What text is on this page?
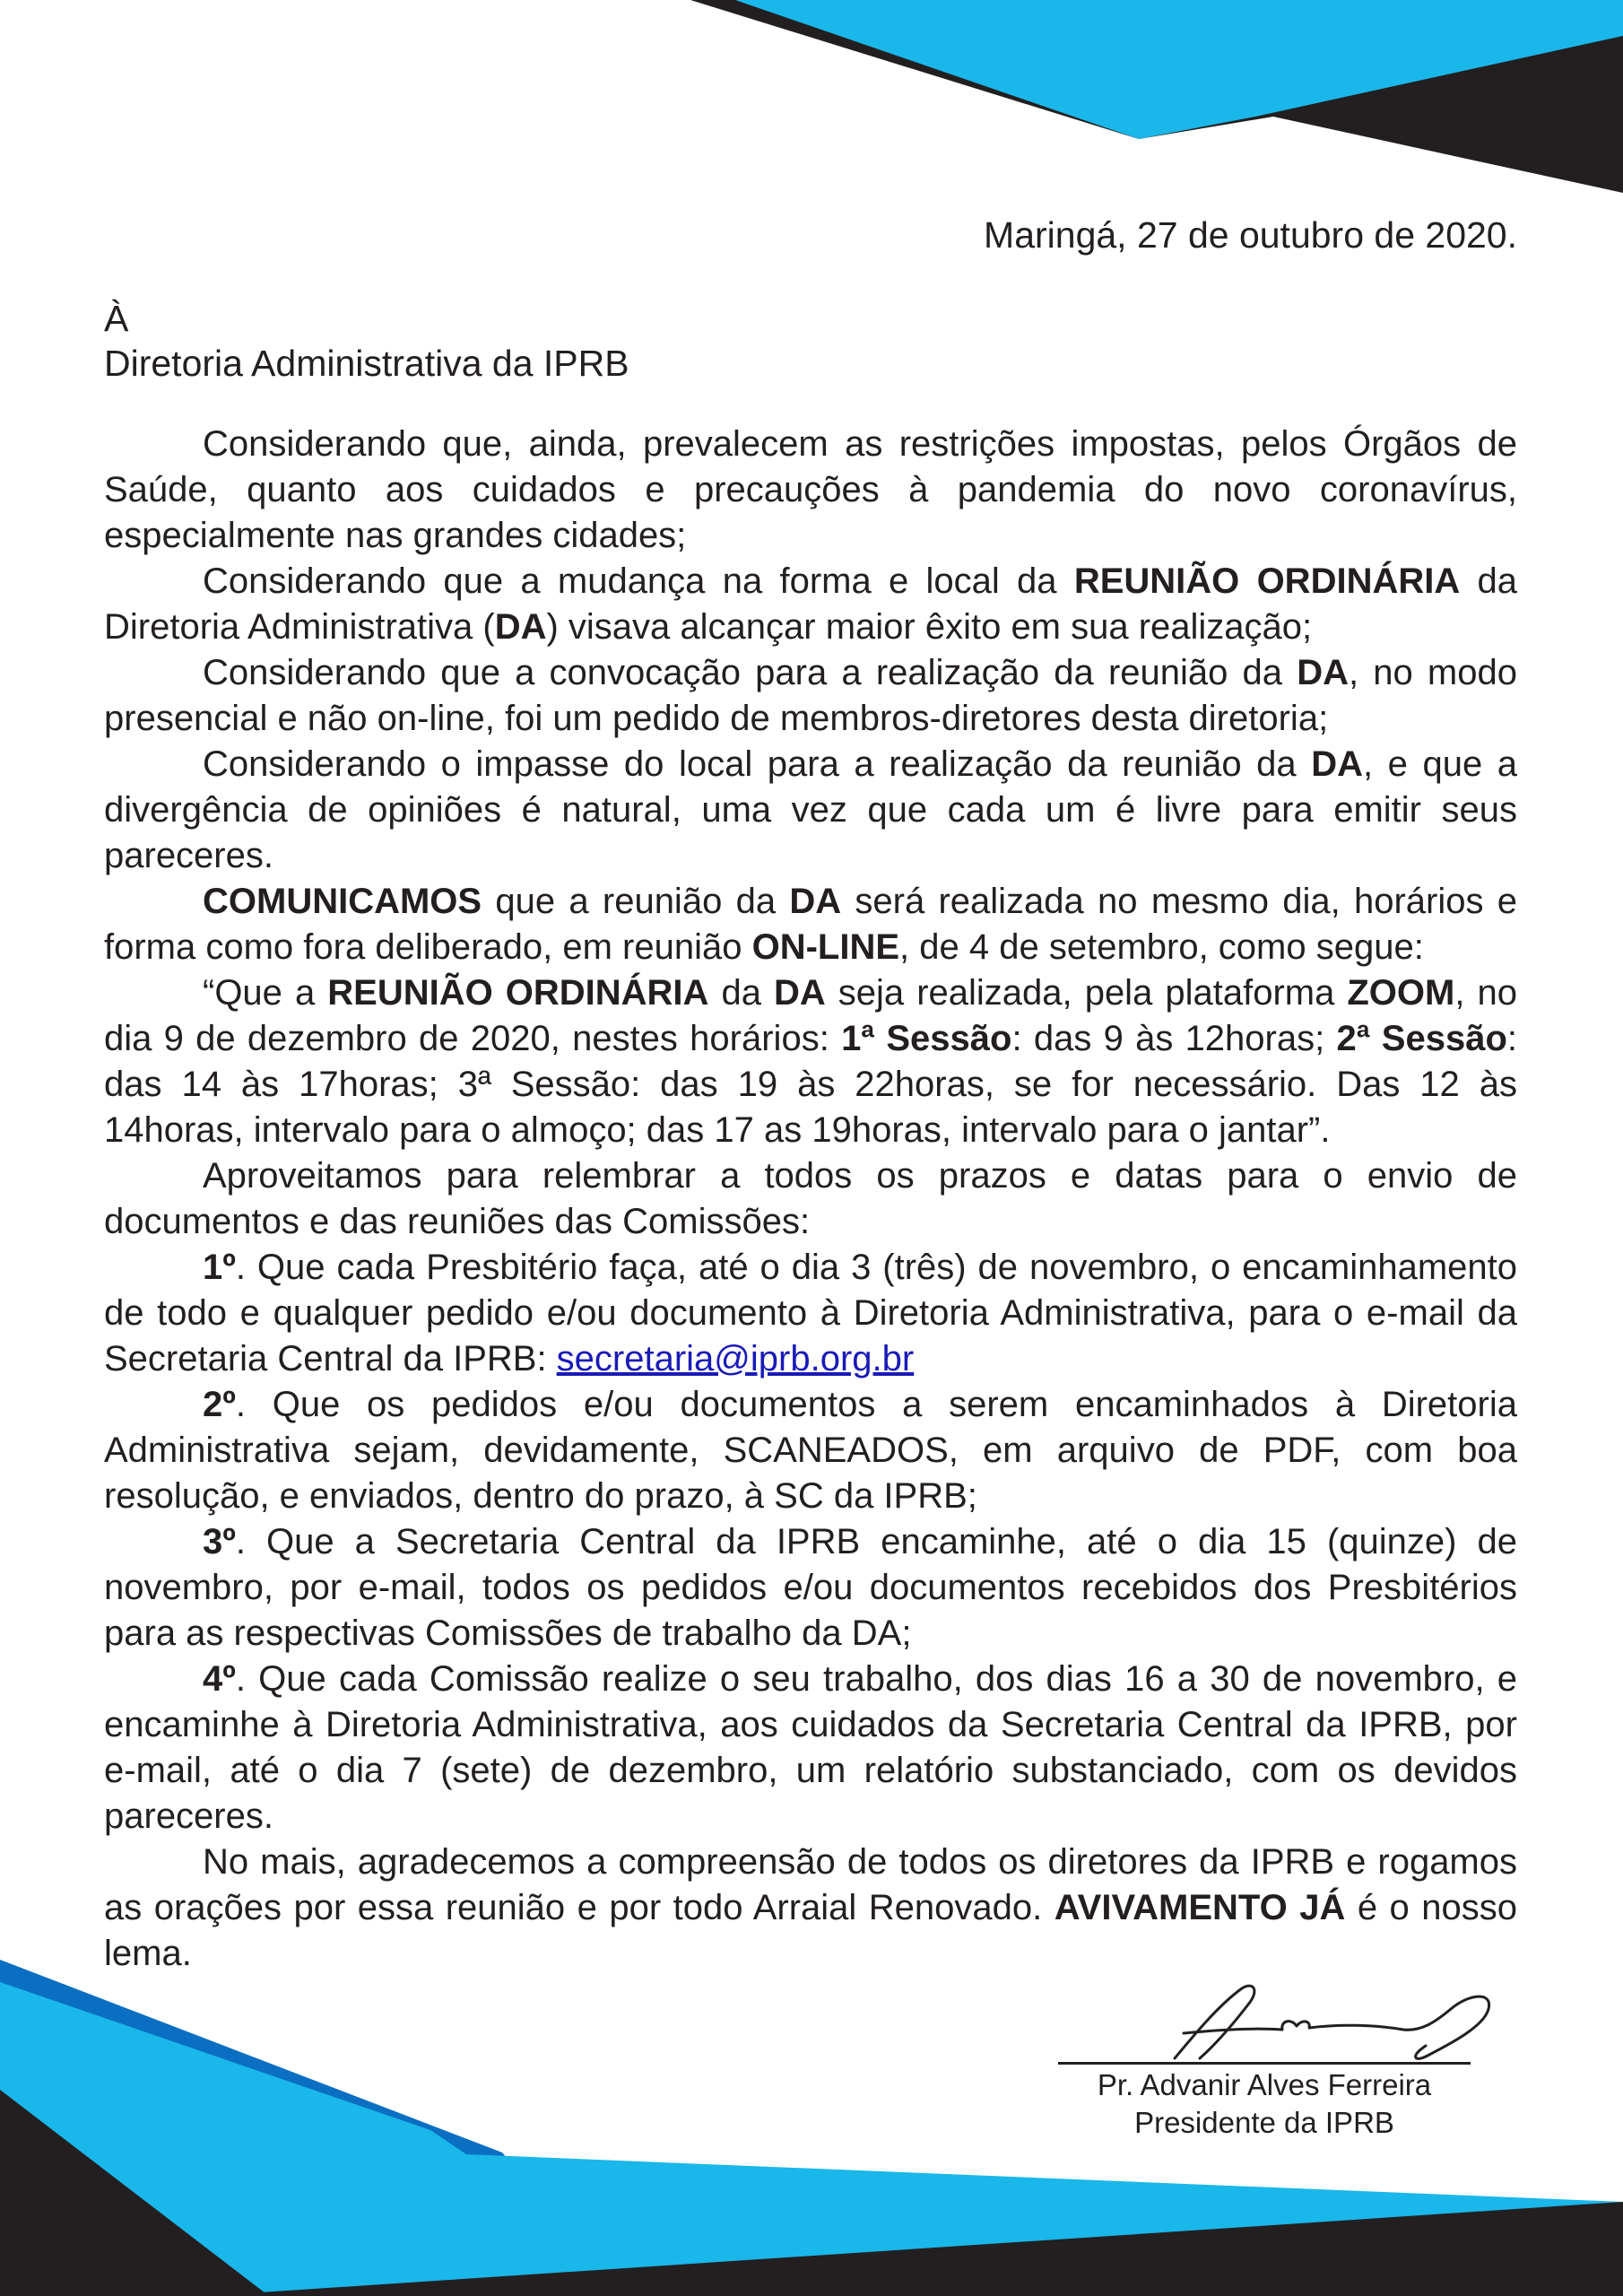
Maringá, 27 de outubro de 2020.
À
Diretoria Administrativa da IPRB

Considerando que, ainda, prevalecem as restrições impostas, pelos Órgãos de Saúde, quanto aos cuidados e precauções à pandemia do novo coronavírus, especialmente nas grandes cidades;

Considerando que a mudança na forma e local da REUNIÃO ORDINÁRIA da Diretoria Administrativa (DA) visava alcançar maior êxito em sua realização;

Considerando que a convocação para a realização da reunião da DA, no modo presencial e não on-line, foi um pedido de membros-diretores desta diretoria;

Considerando o impasse do local para a realização da reunião da DA, e que a divergência de opiniões é natural, uma vez que cada um é livre para emitir seus pareceres.

COMUNICAMOS que a reunião da DA será realizada no mesmo dia, horários e forma como fora deliberado, em reunião ON-LINE, de 4 de setembro, como segue:

“Que a REUNIÃO ORDINÁRIA da DA seja realizada, pela plataforma ZOOM, no dia 9 de dezembro de 2020, nestes horários: 1ª Sessão: das 9 às 12horas; 2ª Sessão: das 14 às 17horas; 3ª Sessão: das 19 às 22horas, se for necessário. Das 12 às 14horas, intervalo para o almoço; das 17 as 19horas, intervalo para o jantar”.

Aproveitamos para relembrar a todos os prazos e datas para o envio de documentos e das reuniões das Comissões:

1º. Que cada Presbitério faça, até o dia 3 (três) de novembro, o encaminhamento de todo e qualquer pedido e/ou documento à Diretoria Administrativa, para o e-mail da Secretaria Central da IPRB: secretaria@iprb.org.br

2º. Que os pedidos e/ou documentos a serem encaminhados à Diretoria Administrativa sejam, devidamente, SCANEADOS, em arquivo de PDF, com boa resolução, e enviados, dentro do prazo, à SC da IPRB;

3º. Que a Secretaria Central da IPRB encaminhe, até o dia 15 (quinze) de novembro, por e-mail, todos os pedidos e/ou documentos recebidos dos Presbitérios para as respectivas Comissões de trabalho da DA;

4º. Que cada Comissão realize o seu trabalho, dos dias 16 a 30 de novembro, e encaminhe à Diretoria Administrativa, aos cuidados da Secretaria Central da IPRB, por e-mail, até o dia 7 (sete) de dezembro, um relatório substanciado, com os devidos pareceres.

No mais, agradecemos a compreensão de todos os diretores da IPRB e rogamos as orações por essa reunião e por todo Arraial Renovado. AVIVAMENTO JÁ é o nosso lema.

Pr. Advanir Alves Ferreira
Presidente da IPRB
